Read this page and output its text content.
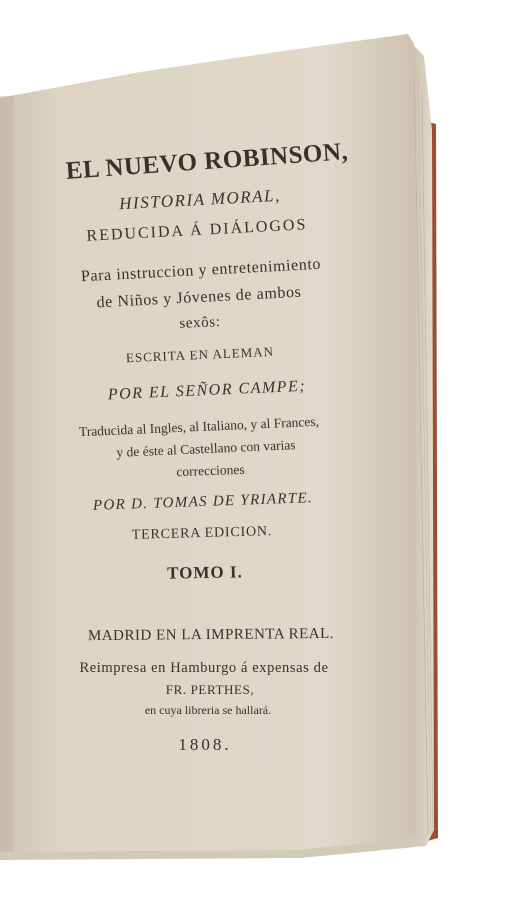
EL NUEVO ROBINSON,
HISTORIA MORAL,
REDUCIDA Á DIÁLOGOS
Para instruccion y entretenimiento
de Niños y Jóvenes de ambos
sexôs:
ESCRITA EN ALEMAN
POR EL SEÑOR CAMPE;
Traducida al Ingles, al Italiano, y al Frances,
y de éste al Castellano con varias
correcciones
POR D. TOMAS DE YRIARTE.
TERCERA EDICION.
TOMO I.
MADRID EN LA IMPRENTA REAL.
Reimpresa en Hamburgo á expensas de
FR. PERTHES,
en cuya libreria se hallará.
1808.
